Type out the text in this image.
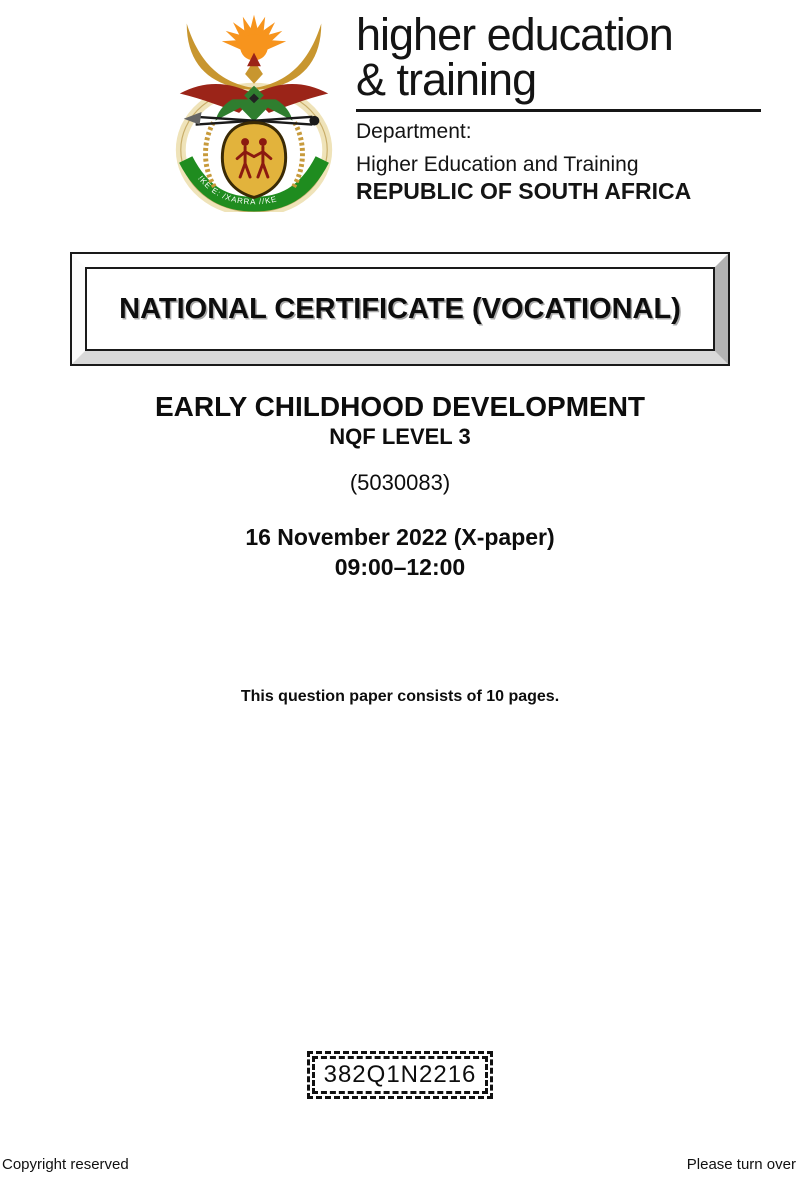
!KE E: /XARRA //KE
higher education
& training
Department:
Higher Education and Training
REPUBLIC OF SOUTH AFRICA
NATIONAL CERTIFICATE (VOCATIONAL)
EARLY CHILDHOOD DEVELOPMENT
NQF LEVEL 3
(5030083)
16 November 2022 (X-paper)
09:00–12:00
This question paper consists of 10 pages.
382Q1N2216
Copyright reserved	Please turn over
